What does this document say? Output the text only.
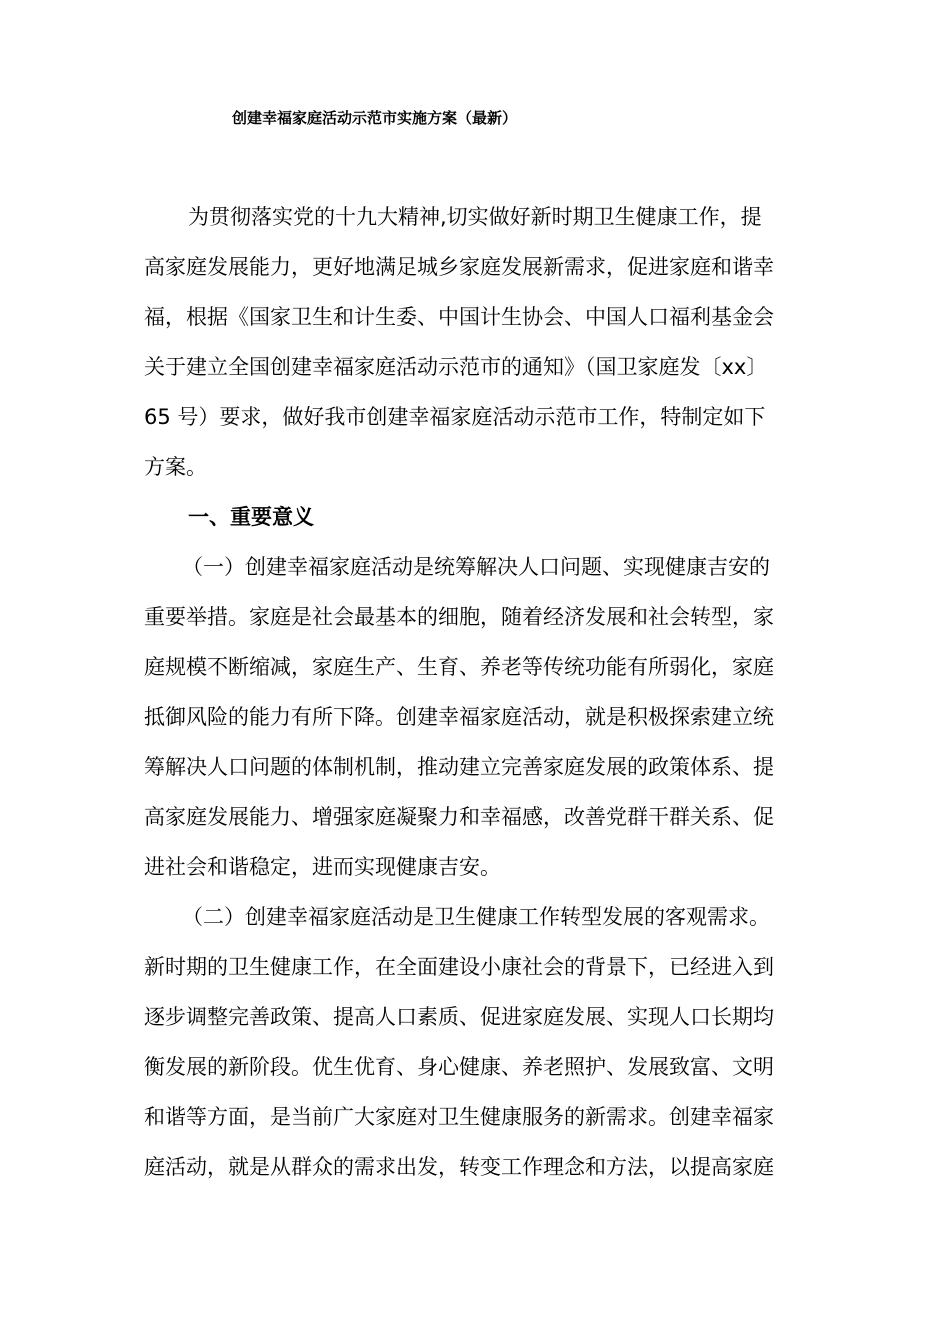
创建幸福家庭活动示范市实施方案（最新）
为贯彻落实党的十九大精神,切实做好新时期卫生健康工作，提
高家庭发展能力，更好地满足城乡家庭发展新需求，促进家庭和谐幸
福，根据《国家卫生和计生委、中国计生协会、中国人口福利基金会
关于建立全国创建幸福家庭活动示范市的通知》（国卫家庭发〔xx〕
65 号）要求，做好我市创建幸福家庭活动示范市工作，特制定如下
方案。
一、重要意义
（一）创建幸福家庭活动是统筹解决人口问题、实现健康吉安的
重要举措。家庭是社会最基本的细胞，随着经济发展和社会转型，家
庭规模不断缩减，家庭生产、生育、养老等传统功能有所弱化，家庭
抵御风险的能力有所下降。创建幸福家庭活动，就是积极探索建立统
筹解决人口问题的体制机制，推动建立完善家庭发展的政策体系、提
高家庭发展能力、增强家庭凝聚力和幸福感，改善党群干群关系、促
进社会和谐稳定，进而实现健康吉安。
（二）创建幸福家庭活动是卫生健康工作转型发展的客观需求。
新时期的卫生健康工作，在全面建设小康社会的背景下，已经进入到
逐步调整完善政策、提高人口素质、促进家庭发展、实现人口长期均
衡发展的新阶段。优生优育、身心健康、养老照护、发展致富、文明
和谐等方面，是当前广大家庭对卫生健康服务的新需求。创建幸福家
庭活动，就是从群众的需求出发，转变工作理念和方法，以提高家庭
